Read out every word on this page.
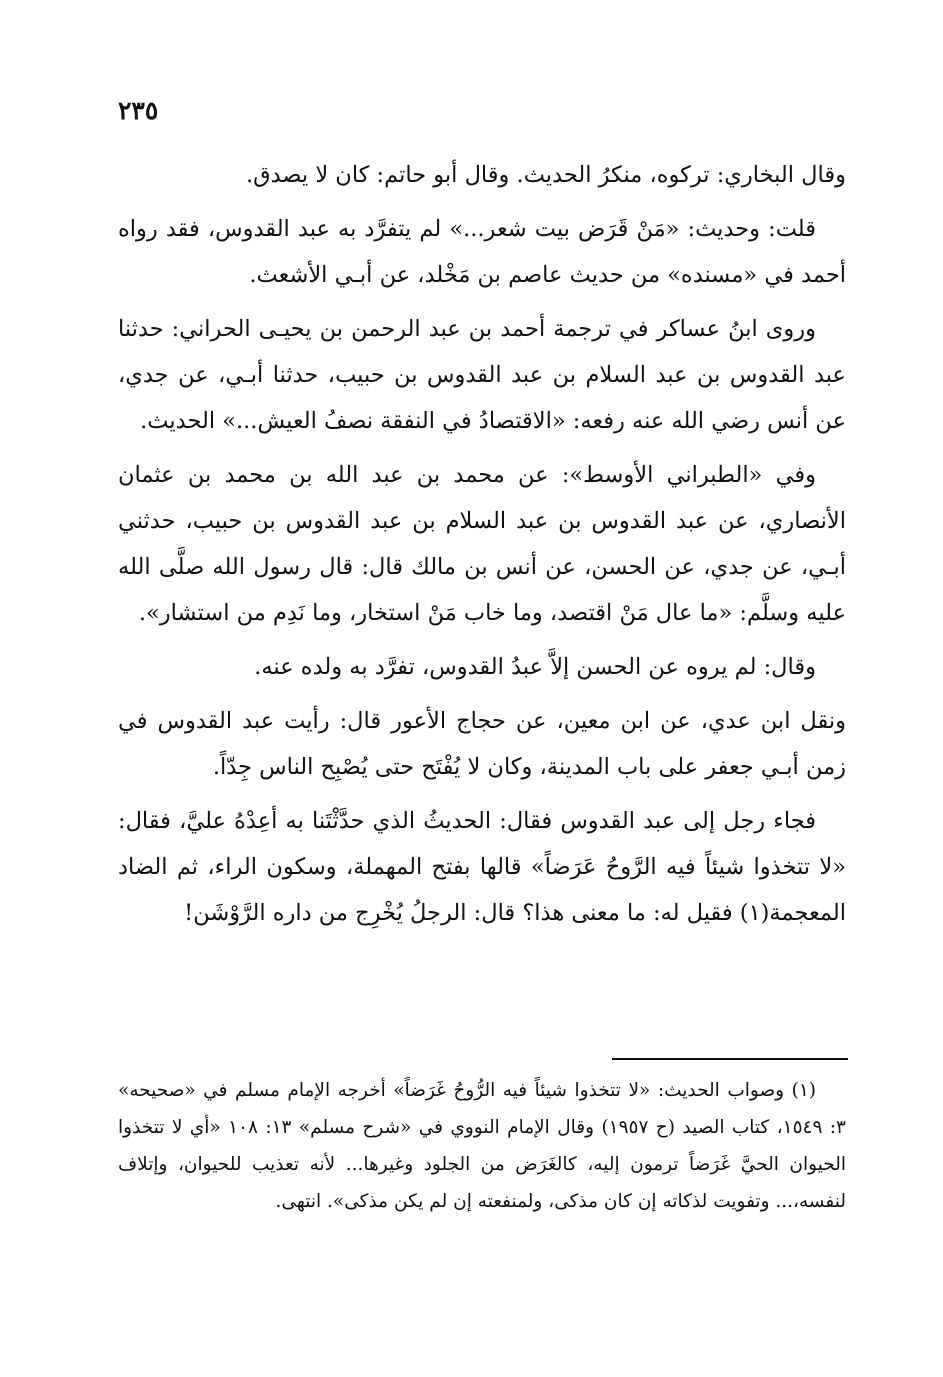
٢٣٥

وقال البخاري: تركوه، منكرُ الحديث. وقال أبو حاتم: كان لا يصدق.

قلت: وحديث: «مَنْ قَرَض بيت شعر...» لم يتفرَّد به عبد القدوس، فقد رواه أحمد في «مسنده» من حديث عاصم بن مَخْلد، عن أبـي الأشعث.

وروى ابنُ عساكر في ترجمة أحمد بن عبد الرحمن بن يحيـى الحراني: حدثنا عبد القدوس بن عبد السلام بن عبد القدوس بن حبيب، حدثنا أبـي، عن جدي، عن أنس رضي الله عنه رفعه: «الاقتصادُ في النفقة نصفُ العيش...» الحديث.

وفي «الطبراني الأوسط»: عن محمد بن عبد الله بن محمد بن عثمان الأنصاري، عن عبد القدوس بن عبد السلام بن عبد القدوس بن حبيب، حدثني أبـي، عن جدي، عن الحسن، عن أنس بن مالك قال: قال رسول الله صلَّى الله عليه وسلَّم: «ما عال مَنْ اقتصد، وما خاب مَنْ استخار، وما نَدِم من استشار».

وقال: لم يروه عن الحسن إلاَّ عبدُ القدوس، تفرَّد به ولده عنه.

ونقل ابن عدي، عن ابن معين، عن حجاج الأعور قال: رأيت عبد القدوس في زمن أبـي جعفر على باب المدينة، وكان لا يُفْتَح حتى يُصْبِح الناس جِدّاً.

فجاء رجل إلى عبد القدوس فقال: الحديثُ الذي حدَّثْتَنا به أعِدْهُ عليَّ، فقال: «لا تتخذوا شيئاً فيه الرَّوحُ عَرَضاً» قالها بفتح المهملة، وسكون الراء، ثم الضاد المعجمة(١) فقيل له: ما معنى هذا؟ قال: الرجلُ يُخْرِج من داره الرَّوْشَن!

(١) وصواب الحديث: «لا تتخذوا شيئاً فيه الرُّوحُ غَرَضاً» أخرجه الإمام مسلم في «صحيحه» ٣: ١٥٤٩، كتاب الصيد (ح ١٩٥٧) وقال الإمام النووي في «شرح مسلم» ١٣: ١٠٨ «أي لا تتخذوا الحيوان الحيَّ غَرَضاً ترمون إليه، كالغَرَض من الجلود وغيرها... لأنه تعذيب للحيوان، وإتلاف لنفسه،... وتفويت لذكاته إن كان مذكى، ولمنفعته إن لم يكن مذكى». انتهى.
